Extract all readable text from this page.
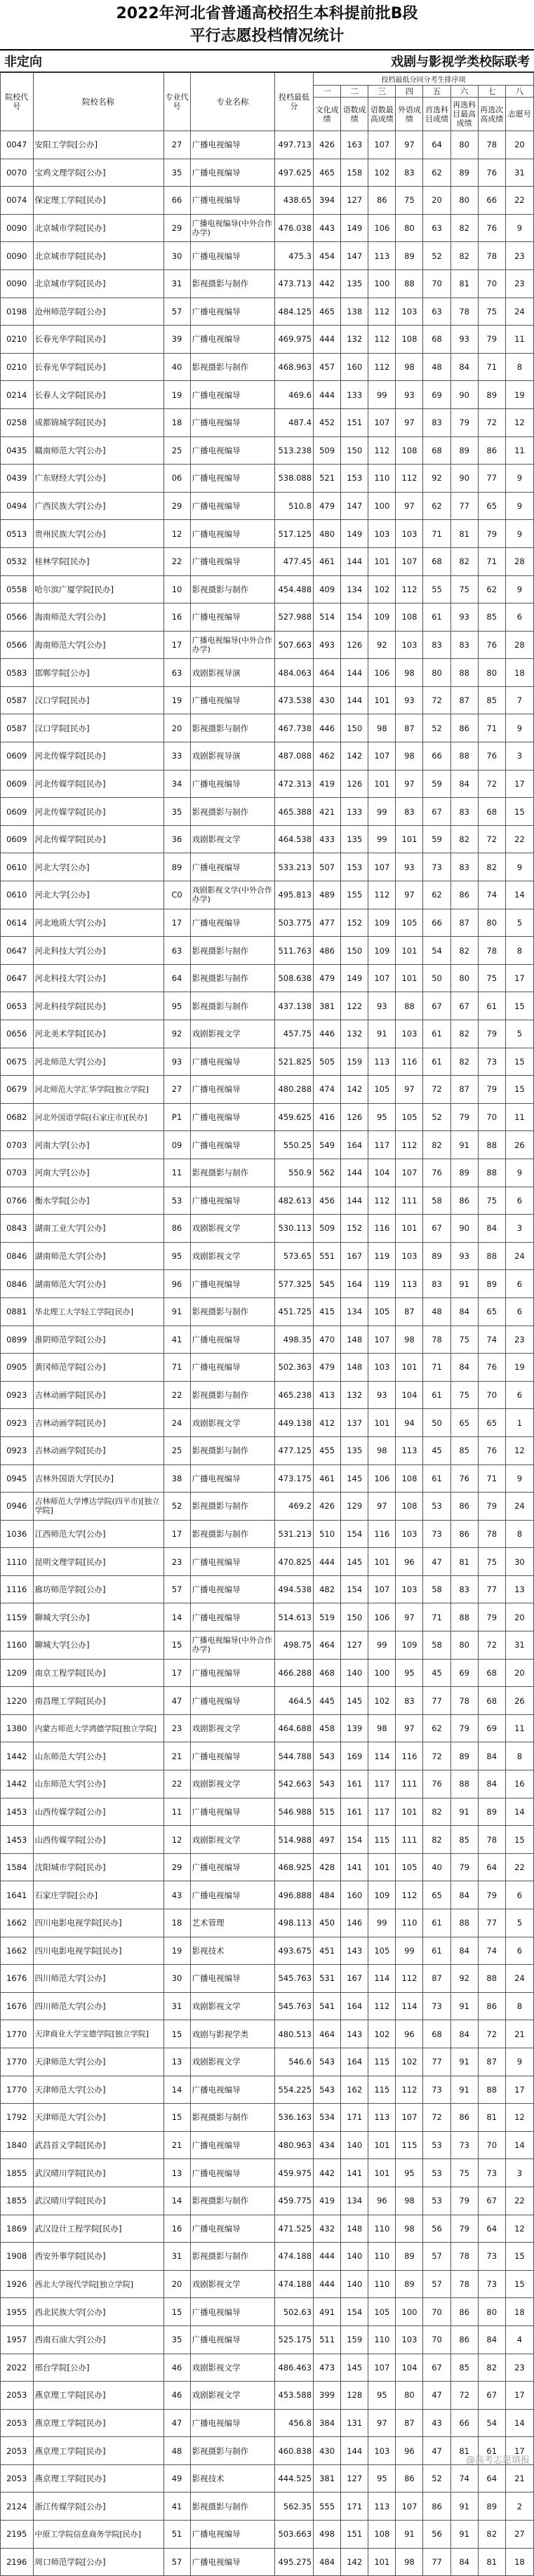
2022年河北省普通高校招生本科提前批B段
平行志愿投档情况统计
非定向	戏剧与影视学类校际联考
院校代号	院校名称	专业代号	专业名称	投档最低分	投档最低分同分考生排序项							
					一	二	三	四	五	六	七	八
					文化成绩	语数成绩	语数最高成绩	外语成绩	首选科目成绩	再选科目最高成绩	再选次高成绩	志愿号
0047	安阳工学院[公办]	27	广播电视编导	497.713	426	163	107	97	64	80	78	20
0070	宝鸡文理学院[公办]	35	广播电视编导	497.625	465	158	102	83	62	89	76	31
0074	保定理工学院[民办]	66	广播电视编导	438.65	394	127	86	75	20	80	66	22
0090	北京城市学院[民办]	29	广播电视编导(中外合作办学)	476.038	443	149	106	80	63	82	76	9
0090	北京城市学院[民办]	30	广播电视编导	475.3	454	147	113	89	52	82	78	23
0090	北京城市学院[民办]	31	影视摄影与制作	473.713	442	135	100	88	70	81	70	23
0198	沧州师范学院[公办]	57	广播电视编导	484.125	465	138	112	103	63	78	75	24
0210	长春光华学院[民办]	39	广播电视编导	469.975	444	132	112	108	68	93	79	11
0210	长春光华学院[民办]	40	影视摄影与制作	468.963	457	160	112	98	48	84	71	8
0214	长春人文学院[民办]	19	广播电视编导	469.6	444	133	99	93	69	90	89	19
0258	成都锦城学院[民办]	18	广播电视编导	487.4	452	151	107	97	83	79	72	12
0435	赣南师范大学[公办]	25	广播电视编导	513.238	509	150	112	108	68	89	86	11
0439	广东财经大学[公办]	06	广播电视编导	538.088	521	153	110	112	92	90	77	9
0494	广西民族大学[公办]	29	广播电视编导	510.8	479	147	100	97	62	77	65	9
0513	贵州民族大学[公办]	12	广播电视编导	517.125	480	149	103	103	71	81	79	9
0532	桂林学院[民办]	22	广播电视编导	477.45	461	144	101	107	68	82	71	28
0558	哈尔滨广厦学院[民办]	10	影视摄影与制作	454.488	409	134	102	112	55	75	62	9
0566	海南师范大学[公办]	16	广播电视编导	527.988	514	154	109	108	61	93	85	6
0566	海南师范大学[公办]	17	广播电视编导(中外合作办学)	507.663	493	126	92	103	83	83	76	28
0583	邯郸学院[公办]	63	戏剧影视导演	484.063	464	144	106	98	80	88	80	18
0587	汉口学院[民办]	19	广播电视编导	473.538	430	144	101	93	72	87	85	7
0587	汉口学院[民办]	20	影视摄影与制作	467.738	446	150	98	87	52	86	71	9
0609	河北传媒学院[民办]	33	戏剧影视导演	487.088	462	142	107	98	66	88	76	3
0609	河北传媒学院[民办]	34	广播电视编导	472.313	419	126	101	97	59	84	72	17
0609	河北传媒学院[民办]	35	影视摄影与制作	465.388	421	133	99	83	67	83	68	15
0609	河北传媒学院[民办]	36	戏剧影视文学	464.538	433	135	99	101	59	82	72	22
0610	河北大学[公办]	89	广播电视编导	533.213	507	153	107	93	73	83	82	9
0610	河北大学[公办]	C0	戏剧影视文学(中外合作办学)	495.813	489	155	112	97	62	86	74	14
0614	河北地质大学[公办]	17	广播电视编导	503.775	477	152	109	105	66	87	80	5
0647	河北科技大学[公办]	63	影视摄影与制作	511.763	486	150	109	101	54	82	78	8
0647	河北科技大学[公办]	64	影视摄影与制作	508.638	479	149	107	101	50	80	75	17
0653	河北科技学院[民办]	95	影视摄影与制作	437.138	381	122	93	88	67	67	61	15
0656	河北美术学院[民办]	92	戏剧影视文学	457.75	446	132	91	103	61	82	79	5
0675	河北师范大学[公办]	93	广播电视编导	521.825	505	159	113	116	61	82	73	15
0679	河北师范大学汇华学院[独立学院]	27	广播电视编导	480.288	474	142	105	97	72	87	79	15
0682	河北外国语学院(石家庄市)[民办]	P1	广播电视编导	459.625	416	126	95	105	52	79	70	11
0703	河南大学[公办]	09	广播电视编导	550.25	549	164	117	112	82	91	88	26
0703	河南大学[公办]	11	影视摄影与制作	550.9	562	144	104	107	76	89	88	9
0766	衡水学院[公办]	53	广播电视编导	482.613	456	144	112	111	58	86	75	6
0843	湖南工业大学[公办]	86	戏剧影视文学	530.113	509	152	116	101	67	90	84	3
0846	湖南师范大学[公办]	95	戏剧影视文学	573.65	551	167	119	103	89	93	88	24
0846	湖南师范大学[公办]	96	广播电视编导	577.325	545	164	119	113	83	91	89	6
0881	华北理工大学轻工学院[民办]	91	影视摄影与制作	451.725	415	134	105	87	48	84	65	6
0899	淮阴师范学院[公办]	41	广播电视编导	498.35	470	148	107	98	78	75	74	23
0905	黄冈师范学院[公办]	71	广播电视编导	502.363	479	148	103	101	71	84	76	19
0923	吉林动画学院[民办]	22	影视摄影与制作	465.238	413	132	93	104	61	75	70	6
0923	吉林动画学院[民办]	24	戏剧影视文学	449.138	412	137	101	94	50	65	65	1
0923	吉林动画学院[民办]	25	影视摄影与制作	477.125	455	135	98	113	45	85	76	12
0945	吉林外国语大学[民办]	38	广播电视编导	473.175	461	145	106	108	61	76	71	9
0946	吉林师范大学博达学院(四平市)[独立学院]	52	影视摄影与制作	469.2	426	129	97	108	53	86	79	24
1036	江西师范大学[公办]	17	影视摄影与制作	531.213	510	154	116	103	73	86	78	8
1110	昆明文理学院[民办]	23	广播电视编导	470.825	444	145	101	96	47	81	75	30
1116	廊坊师范学院[公办]	57	广播电视编导	494.538	482	154	107	103	58	83	77	13
1159	聊城大学[公办]	14	广播电视编导	514.613	519	150	106	97	71	88	79	20
1160	聊城大学[公办]	15	广播电视编导(中外合作办学)	498.75	464	127	99	109	58	80	72	31
1209	南京工程学院[民办]	17	广播电视编导	466.288	468	140	100	95	45	69	68	20
1220	南昌理工学院[民办]	47	广播电视编导	464.5	445	145	102	83	77	78	68	26
1380	内蒙古师范大学鸿德学院[独立学院]	23	戏剧影视文学	464.688	458	139	98	97	62	79	69	11
1442	山东师范大学[公办]	21	广播电视编导	544.788	543	169	114	116	72	89	84	8
1442	山东师范大学[公办]	22	戏剧影视文学	542.663	543	161	117	111	76	88	84	16
1453	山西传媒学院[公办]	11	广播电视编导	546.988	515	161	117	101	82	91	89	14
1453	山西传媒学院[公办]	12	戏剧影视文学	514.988	497	154	115	111	82	85	78	15
1584	沈阳城市学院[民办]	29	广播电视编导	468.925	428	141	101	105	40	79	64	22
1641	石家庄学院[公办]	43	广播电视编导	496.888	484	160	109	112	65	84	79	6
1662	四川电影电视学院[民办]	18	艺术管理	498.113	450	146	99	110	61	88	77	5
1662	四川电影电视学院[民办]	19	影视技术	493.675	451	143	105	99	61	84	74	6
1676	四川师范大学[公办]	30	广播电视编导	545.763	531	167	114	112	87	92	88	24
1676	四川师范大学[公办]	31	戏剧影视文学	545.763	541	164	112	114	73	91	86	8
1770	天津商业大学宝德学院[独立学院]	15	戏剧与影视学类	480.513	464	143	102	96	68	84	72	21
1770	天津师范大学[公办]	13	戏剧影视文学	546.6	543	164	115	102	77	91	87	9
1770	天津师范大学[公办]	14	广播电视编导	554.225	543	162	115	112	73	91	88	17
1792	天津师范大学[公办]	15	影视摄影与制作	536.163	534	171	113	107	72	86	81	12
1840	武昌首义学院[民办]	21	广播电视编导	480.963	434	140	101	115	53	73	70	14
1855	武汉晴川学院[民办]	13	广播电视编导	459.975	442	141	101	95	53	75	73	3
1855	武汉晴川学院[民办]	14	影视摄影与制作	459.775	419	134	96	98	53	79	67	22
1869	武汉设计工程学院[民办]	16	广播电视编导	471.525	432	148	110	98	56	79	64	12
1908	西安外事学院[民办]	31	影视摄影与制作	474.188	444	140	110	89	57	78	73	15
1926	西北大学现代学院[独立学院]	20	戏剧影视文学	474.188	444	140	110	89	57	78	73	15
1955	西北民族大学[公办]	15	广播电视编导	502.63	491	154	105	100	70	86	80	18
1957	西南石油大学[公办]	35	广播电视编导	525.175	511	159	110	103	70	86	84	4
2022	邢台学院[公办]	46	戏剧影视文学	486.463	473	145	107	104	67	85	82	23
2053	燕京理工学院[民办]	46	戏剧影视文学	453.588	399	128	95	80	47	72	67	17
2053	燕京理工学院[民办]	47	广播电视编导	456.8	384	131	97	87	43	66	54	14
2053	燕京理工学院[民办]	48	影视摄影与制作	460.838	430	144	103	96	47	81	61	17
2053	燕京理工学院[民办]	49	影视技术	444.525	381	127	95	86	52	74	64	21
2124	浙江传媒学院[公办]	41	影视摄影与制作	562.35	555	171	113	107	86	91	89	2
2195	中原工学院信息商务学院[民办]	51	广播电视编导	503.663	498	151	108	91	56	91	82	27
2196	周口师范学院[公办]	57	广播电视编导	495.275	484	142	101	98	77	84	81	18
@高考志愿填报
